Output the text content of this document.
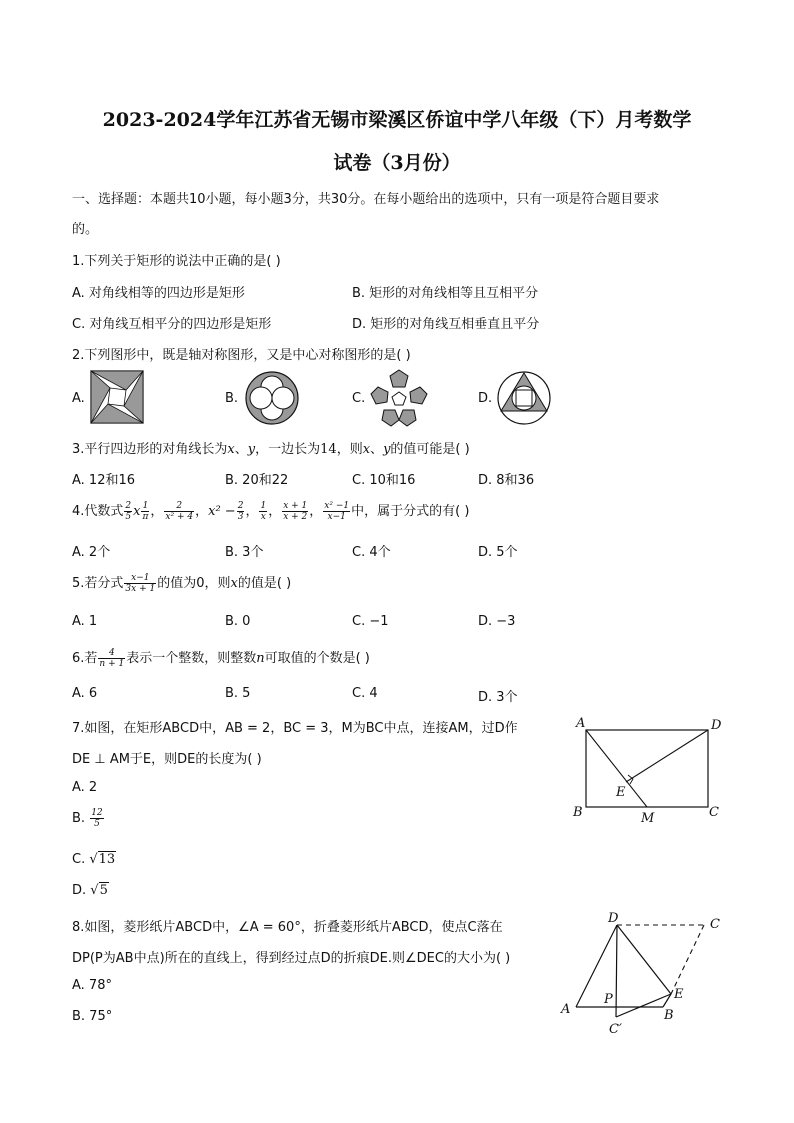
2023-2024学年江苏省无锡市梁溪区侨谊中学八年级（下）月考数学
试卷（3月份）
一、选择题：本题共10小题，每小题3分，共30分。在每小题给出的选项中，只有一项是符合题目要求
的。
1.下列关于矩形的说法中正确的是( )
A. 对角线相等的四边形是矩形	B. 矩形的对角线相等且互相平分
C. 对角线互相平分的四边形是矩形	D. 矩形的对角线互相垂直且平分
2.下列图形中，既是轴对称图形，又是中心对称图形的是( )
A.	B.	C.	D.
3.平行四边形的对角线长为x、y，一边长为14，则x、y的值可能是( )
A. 12和16	B. 20和22	C. 10和16	D. 8和36
4.代数式 $\frac{2}{5}$ x $\frac{1}{\pi}$ ， $\frac{2}{\text{x² + 4}}$ ，$x^2 - \frac{2}{3}$ ， $\frac{1}{x}$ ， $\frac{x + 1}{x + 2}$ ， $\frac{\text{x² −1}}{x-1}$ 中，属于分式的有( )
A. 2个	B. 3个	C. 4个	D. 5个
5.若分式 $\frac{x-1}{3x + 1}$ 的值为0，则x的值是( )
A. 1	B. 0	C. −1	D. −3
6.若 $\frac{4}{n + 1}$ 表示一个整数，则整数n可取值的个数是( )
A. 6	B. 5	C. 4	D. 3个
7.如图，在矩形ABCD中，AB = 2，BC = 3，M为BC中点，连接AM，过D作
DE ⊥ AM于E，则DE的长度为( )
A. 2
B. $\frac{12}{5}$
C. √13
D. √5
A	D
B	C
E
M
8.如图，菱形纸片ABCD中，∠A = 60°，折叠菱形纸片ABCD，使点C落在
DP(P为AB中点)所在的直线上，得到经过点D的折痕DE.则∠DEC的大小为( )
A. 78°
B. 75°
D	C
A	B
E
P
C′
